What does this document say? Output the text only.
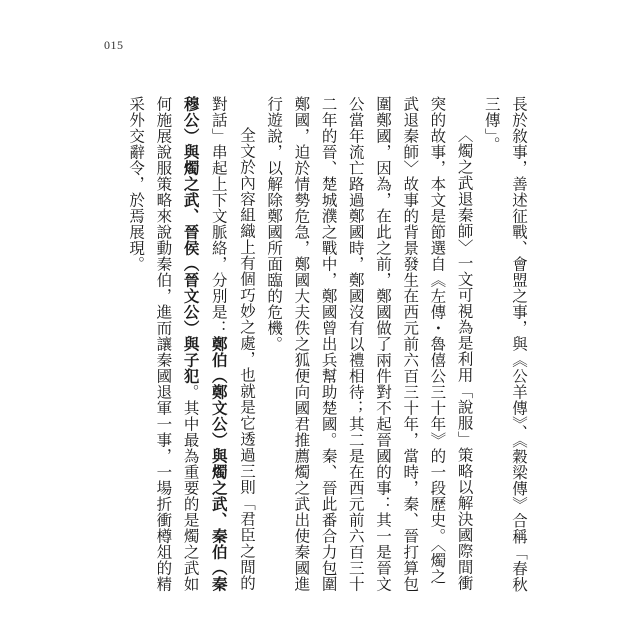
015

長於敘事，善述征戰、會盟之事，與《公羊傳》、《穀梁傳》合稱「春秋三傳」。

〈燭之武退秦師〉一文可視為是利用「說服」策略以解決國際間衝突的故事，本文是節選自《左傳・魯僖公三十年》的一段歷史。〈燭之武退秦師〉故事的背景發生在西元前六百三十年，當時，秦、晉打算包圍鄭國，因為，在此之前，鄭國做了兩件對不起晉國的事：其一是晉文公當年流亡路過鄭國時，鄭國沒有以禮相待；其二是在西元前六百三十二年的晉、楚城濮之戰中，鄭國曾出兵幫助楚國。秦、晉此番合力包圍鄭國，迫於情勢危急，鄭國大夫佚之狐便向國君推薦燭之武出使秦國進行遊說，以解除鄭國所面臨的危機。

全文於內容組織上有個巧妙之處，也就是它透過三則「君臣之間的對話」串起上下文脈絡，分別是：鄭伯（鄭文公）與燭之武、秦伯（秦穆公）與燭之武、晉侯（晉文公）與子犯。其中最為重要的是燭之武如何施展說服策略來說動秦伯，進而讓秦國退軍一事，一場折衝樽俎的精采外交辭令，於焉展現。
